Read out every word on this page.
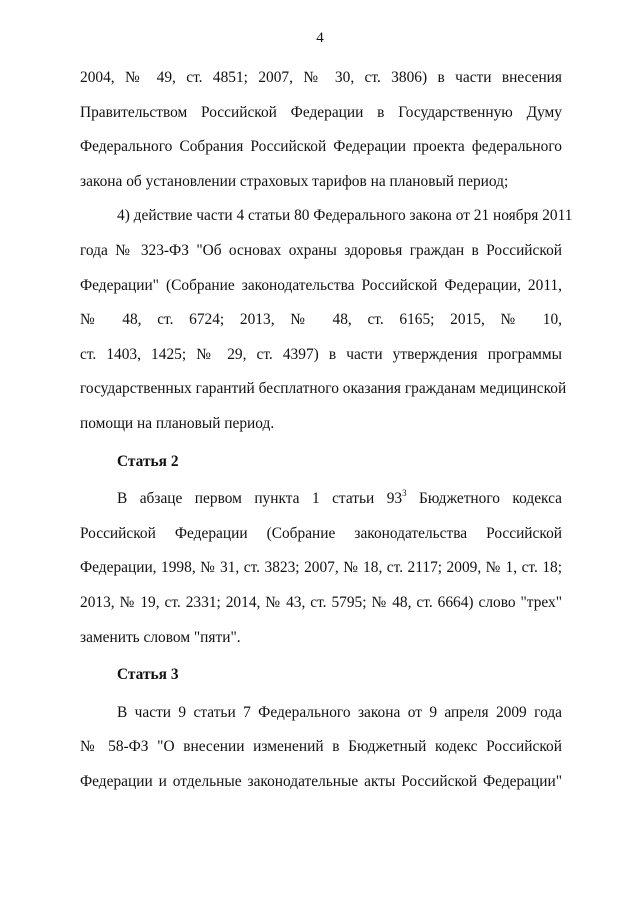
4
2004, № 49, ст. 4851; 2007, № 30, ст. 3806) в части внесения
Правительством Российской Федерации в Государственную Думу
Федерального Собрания Российской Федерации проекта федерального
закона об установлении страховых тарифов на плановый период;
4) действие части 4 статьи 80 Федерального закона от 21 ноября 2011
года № 323-ФЗ "Об основах охраны здоровья граждан в Российской
Федерации" (Собрание законодательства Российской Федерации, 2011,
№ 48, ст. 6724; 2013, № 48, ст. 6165; 2015, № 10,
ст. 1403, 1425; № 29, ст. 4397) в части утверждения программы
государственных гарантий бесплатного оказания гражданам медицинской
помощи на плановый период.
Статья 2
В абзаце первом пункта 1 статьи $93^3$ Бюджетного кодекса
Российской Федерации (Собрание законодательства Российской
Федерации, 1998, № 31, ст. 3823; 2007, № 18, ст. 2117; 2009, № 1, ст. 18;
2013, № 19, ст. 2331; 2014, № 43, ст. 5795; № 48, ст. 6664) слово "трех"
заменить словом "пяти".
Статья 3
В части 9 статьи 7 Федерального закона от 9 апреля 2009 года
№ 58-ФЗ "О внесении изменений в Бюджетный кодекс Российской
Федерации и отдельные законодательные акты Российской Федерации"
